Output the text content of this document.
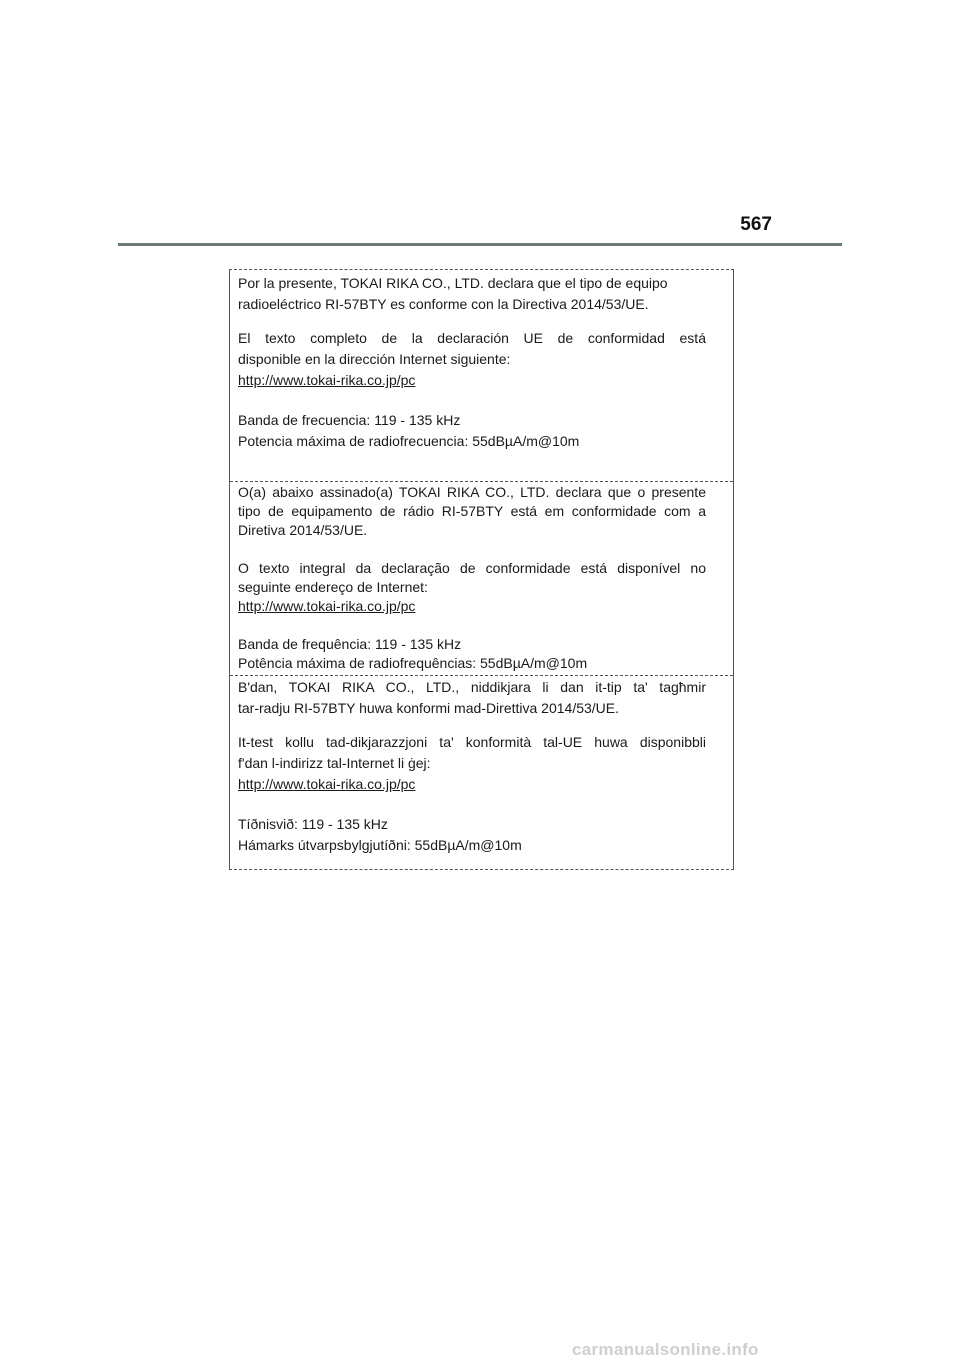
567

Por la presente, TOKAI RIKA CO., LTD. declara que el tipo de equipo
radioeléctrico RI-57BTY es conforme con la Directiva 2014/53/UE.

El texto completo de la declaración UE de conformidad está
disponible en la dirección Internet siguiente:

http://www.tokai-rika.co.jp/pc

Banda de frecuencia: 119 - 135 kHz

Potencia máxima de radiofrecuencia: 55dBµA/m@10m

O(a) abaixo assinado(a) TOKAI RIKA CO., LTD. declara que o presente tipo de equipamento de rádio RI-57BTY está em conformidade com a Diretiva 2014/53/UE.

O texto integral da declaração de conformidade está disponível no seguinte endereço de Internet:

http://www.tokai-rika.co.jp/pc

Banda de frequência: 119 - 135 kHz

Potência máxima de radiofrequências: 55dBµA/m@10m

B'dan, TOKAI RIKA CO., LTD., niddikjara li dan it-tip ta' tagħmir
tar-radju RI-57BTY huwa konformi mad-Direttiva 2014/53/UE.

It-test kollu tad-dikjarazzjoni ta' konformità tal-UE huwa disponibbli
f'dan l-indirizz tal-Internet li ġej:

http://www.tokai-rika.co.jp/pc

Tíðnisvið: 119 - 135 kHz

Hámarks útvarpsbylgjutíðni: 55dBµA/m@10m

carmanualsonline.info
